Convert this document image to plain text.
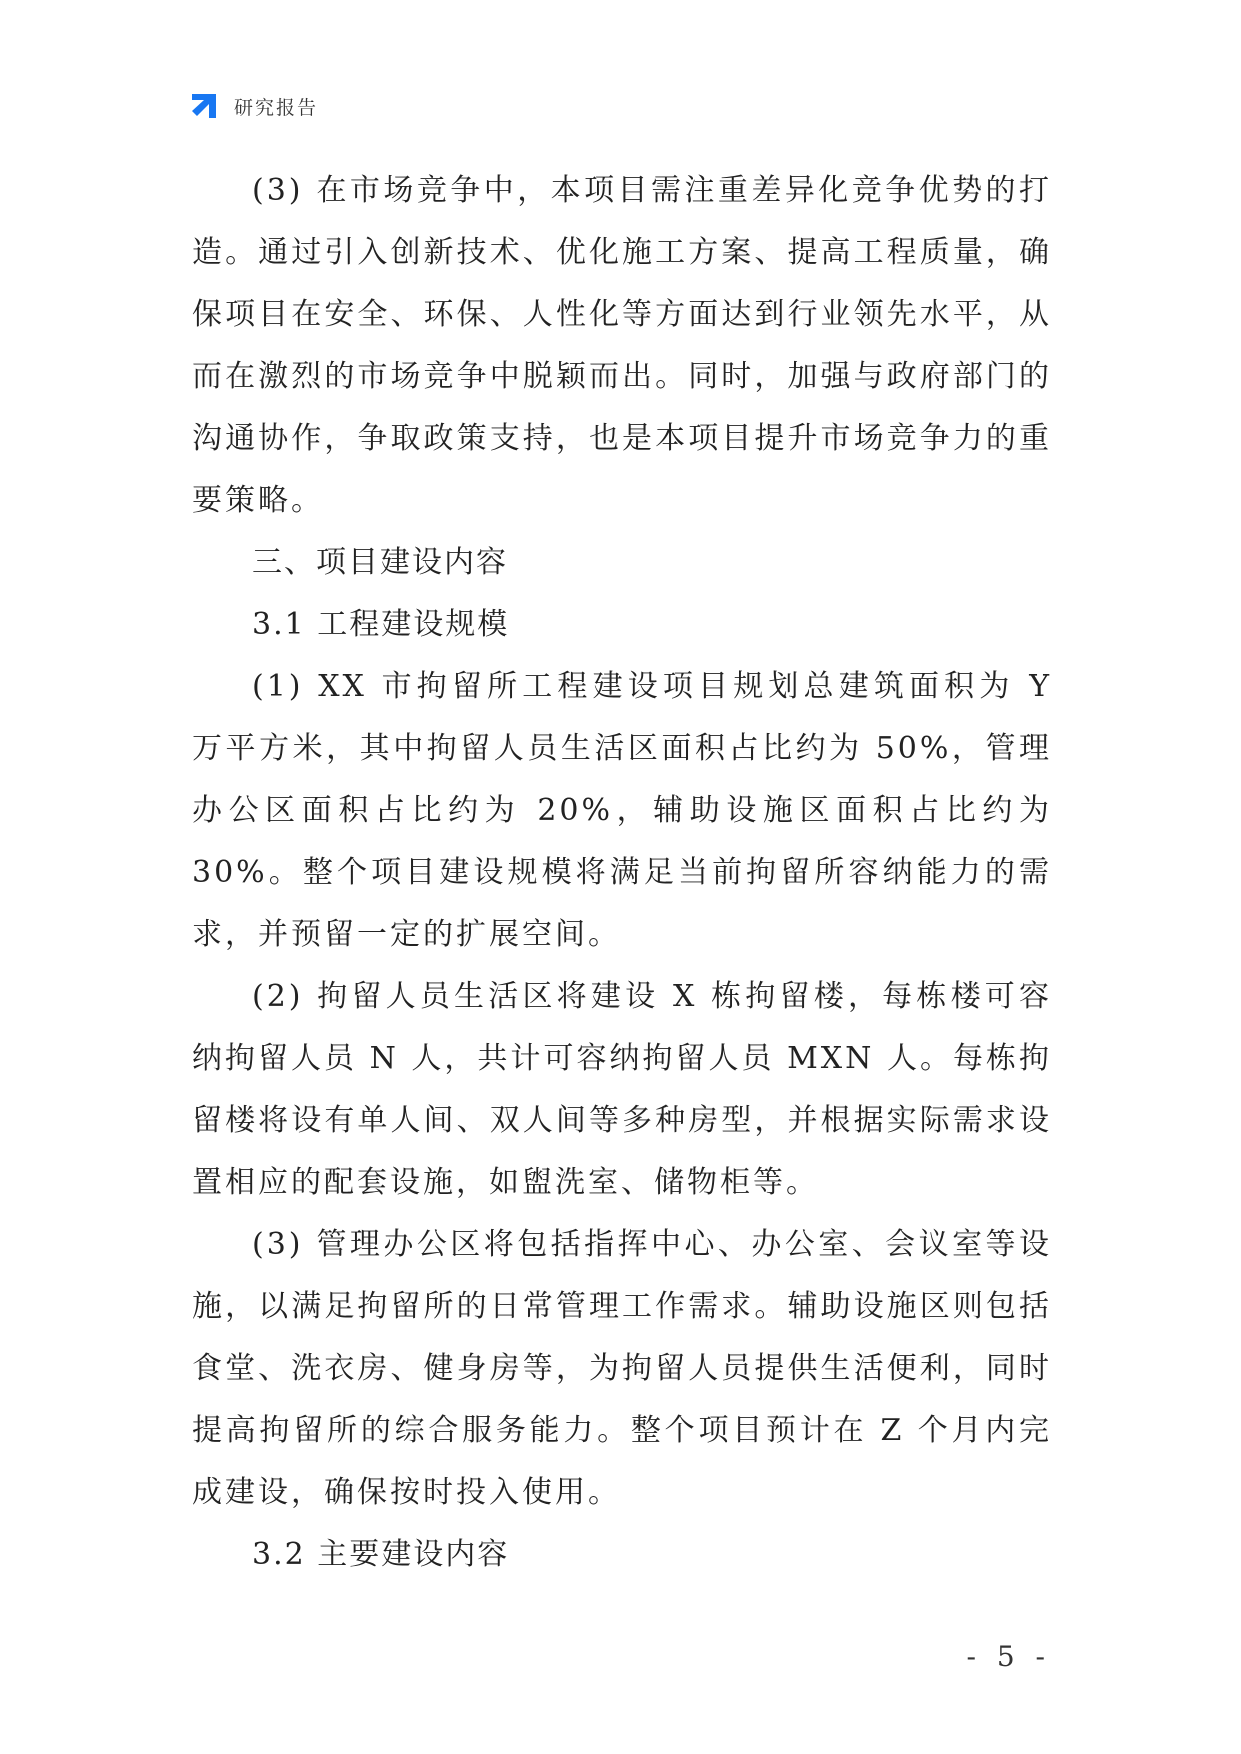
研究报告

(3) 在市场竞争中，本项目需注重差异化竞争优势的打造。通过引入创新技术、优化施工方案、提高工程质量，确保项目在安全、环保、人性化等方面达到行业领先水平，从而在激烈的市场竞争中脱颖而出。同时，加强与政府部门的沟通协作，争取政策支持，也是本项目提升市场竞争力的重要策略。

三、项目建设内容

3.1 工程建设规模

(1) XX 市拘留所工程建设项目规划总建筑面积为 Y 万平方米，其中拘留人员生活区面积占比约为 50%，管理办公区面积占比约为 20%，辅助设施区面积占比约为 30%。整个项目建设规模将满足当前拘留所容纳能力的需求，并预留一定的扩展空间。

(2) 拘留人员生活区将建设 X 栋拘留楼，每栋楼可容纳拘留人员 N 人，共计可容纳拘留人员 MXN 人。每栋拘留楼将设有单人间、双人间等多种房型，并根据实际需求设置相应的配套设施，如盥洗室、储物柜等。

(3) 管理办公区将包括指挥中心、办公室、会议室等设施，以满足拘留所的日常管理工作需求。辅助设施区则包括食堂、洗衣房、健身房等，为拘留人员提供生活便利，同时提高拘留所的综合服务能力。整个项目预计在 Z 个月内完成建设，确保按时投入使用。

3.2 主要建设内容

- 5 -
